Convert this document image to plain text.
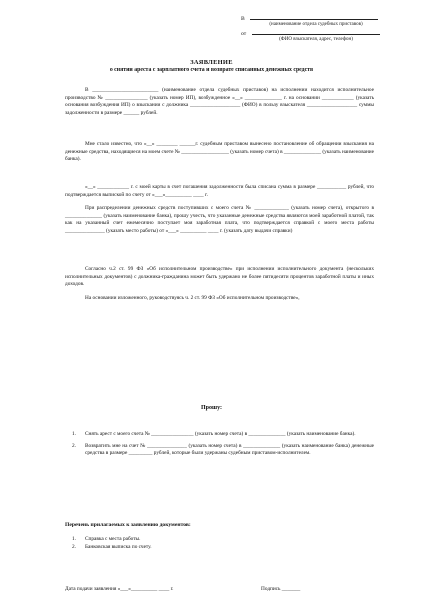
В
(наименование отдела судебных приставов)
от
(ФИО взыскателя, адрес, телефон)
ЗАЯВЛЕНИЕ
о снятии ареста с зарплатного счета и возврате списанных денежных средств
В _________________________ (наименование отдела судебных приставов) на исполнении находится исполнительное производство № ________________ (указать номер ИП), возбужденное «__» ______________ г. на основании ____________ (указать основания возбуждения ИП) о взыскании с должника ___________________ (ФИО) в пользу взыскателя ___________________ суммы задолженности в размере ______ рублей.
Мне стало известно, что «__» ________ ______г. судебным приставом вынесено постановление об обращении взыскания на денежные средства, находящиеся на моем счете № __________________ (указать номер счета) в ______________ (указать наименование банка).
«__» ____________ г. с моей карты в счет погашения задолженности была списана сумма в размере ___________ рублей, что подтверждается выпиской по счету от «___»__________ ____ г.
При распределении денежных средств поступивших с моего счета № _____________ (указать номер счета), открытого в ______________ (указать наименование банка), прошу учесть, что указанные денежные средства являются моей заработной платой, так как на указанный счет ежемесячно поступает моя заработная плата, что подтверждается справкой с моего места работы _______________ (указать место работы) от «___» __________ ____ г. (указать дату выдачи справки)
Согласно ч.2 ст. 99 ФЗ «Об исполнительном производстве» при исполнении исполнительного документа (нескольких исполнительных документов) с должника-гражданина может быть удержано не более пятидесяти процентов заработной платы и иных доходов.
На основании изложенного, руководствуясь ч. 2 ст. 99 ФЗ «Об исполнительном производстве»,
Прошу:
1. Снять арест с моего счета № ________________ (указать номер счета) в ______________ (указать наименование банка).
2. Возвратить мне на счет № _______________ (указать номер счета) в ______________ (указать наименование банка) денежные средства в размере _________ рублей, которые были удержаны судебным приставом-исполнителем.
Перечень прилагаемых к заявлению документов:
1. Справка с места работы.
2. Банковская выписка по счету.
Дата подачи заявления «___»__________ ____ г.	Подпись _______
